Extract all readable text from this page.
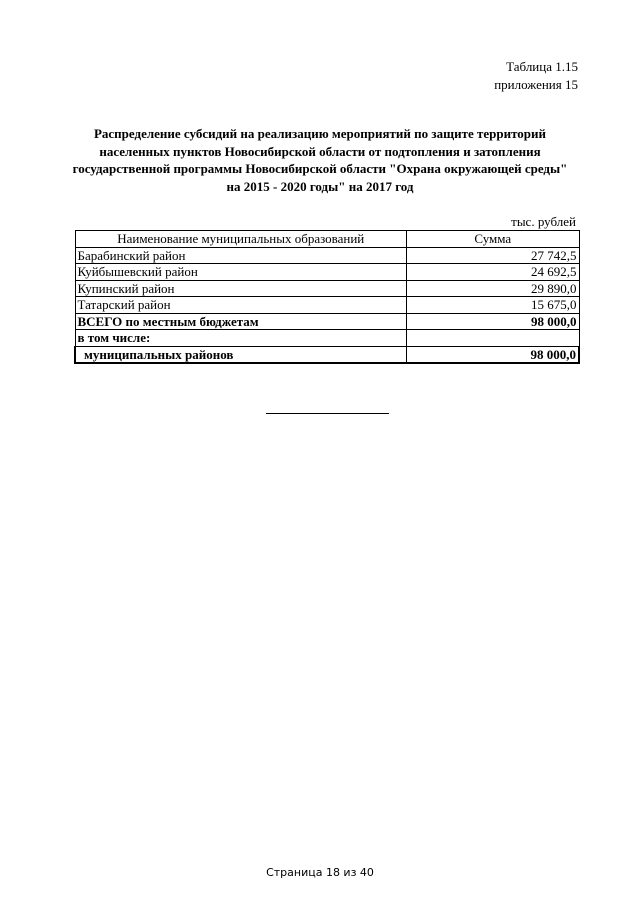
Таблица 1.15
приложения 15
Распределение субсидий на реализацию мероприятий по защите территорий
населенных пунктов Новосибирской области от подтопления и затопления
государственной программы Новосибирской области "Охрана окружающей среды"
на 2015 - 2020 годы" на 2017 год
тыс. рублей
Наименование муниципальных образований	Сумма
Барабинский район	27 742,5
Куйбышевский район	24 692,5
Купинский район	29 890,0
Татарский район	15 675,0
ВСЕГО по местным бюджетам	98 000,0
в том числе:	
муниципальных районов	98 000,0
Страница 18 из 40
